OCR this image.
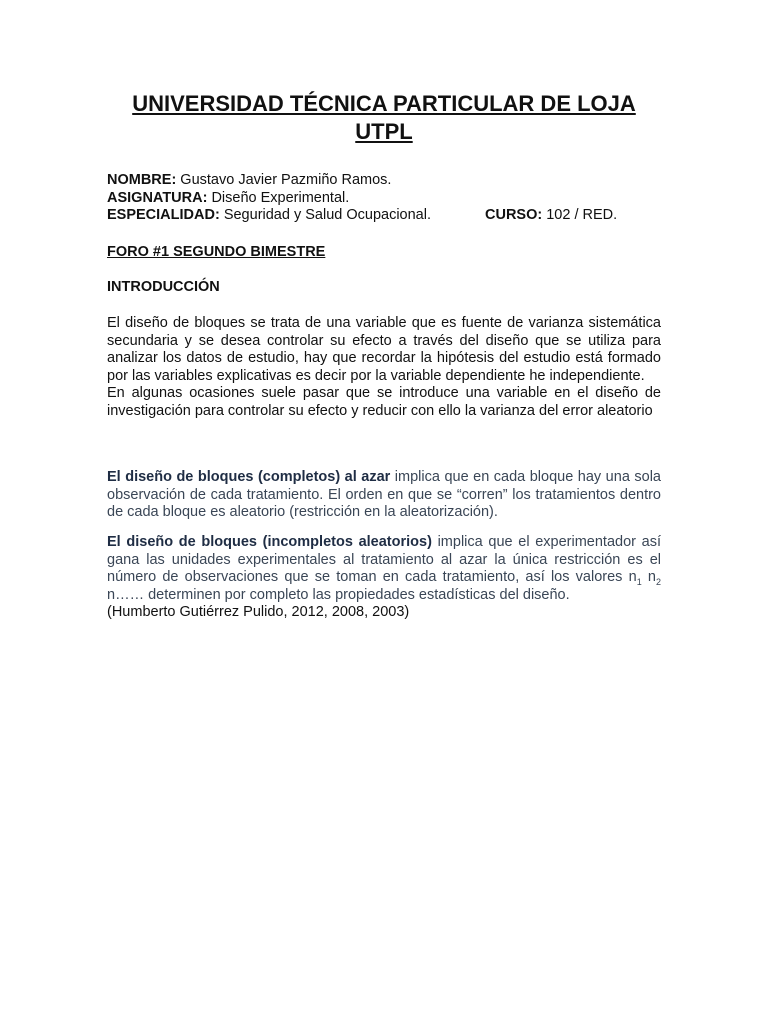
UNIVERSIDAD TÉCNICA PARTICULAR DE LOJA
UTPL
NOMBRE: Gustavo Javier Pazmiño Ramos.
ASIGNATURA: Diseño Experimental.
ESPECIALIDAD: Seguridad y Salud Ocupacional.	CURSO: 102 / RED.
FORO #1 SEGUNDO BIMESTRE
INTRODUCCIÓN
El diseño de bloques se trata de una variable que es fuente de varianza sistemática secundaria y se desea controlar su efecto a través del diseño que se utiliza para analizar los datos de estudio, hay que recordar la hipótesis del estudio está formado por las variables explicativas es decir por la variable dependiente he independiente.
En algunas ocasiones suele pasar que se introduce una variable en el diseño de investigación para controlar su efecto y reducir con ello la varianza del error aleatorio
El diseño de bloques (completos) al azar implica que en cada bloque hay una sola observación de cada tratamiento. El orden en que se “corren” los tratamientos dentro de cada bloque es aleatorio (restricción en la aleatorización).
El diseño de bloques (incompletos aleatorios) implica que el experimentador así gana las unidades experimentales al tratamiento al azar la única restricción es el número de observaciones que se toman en cada tratamiento, así los valores $n_1$ $n_2$ n…… determinen por completo las propiedades estadísticas del diseño.
(Humberto Gutiérrez Pulido, 2012, 2008, 2003)
